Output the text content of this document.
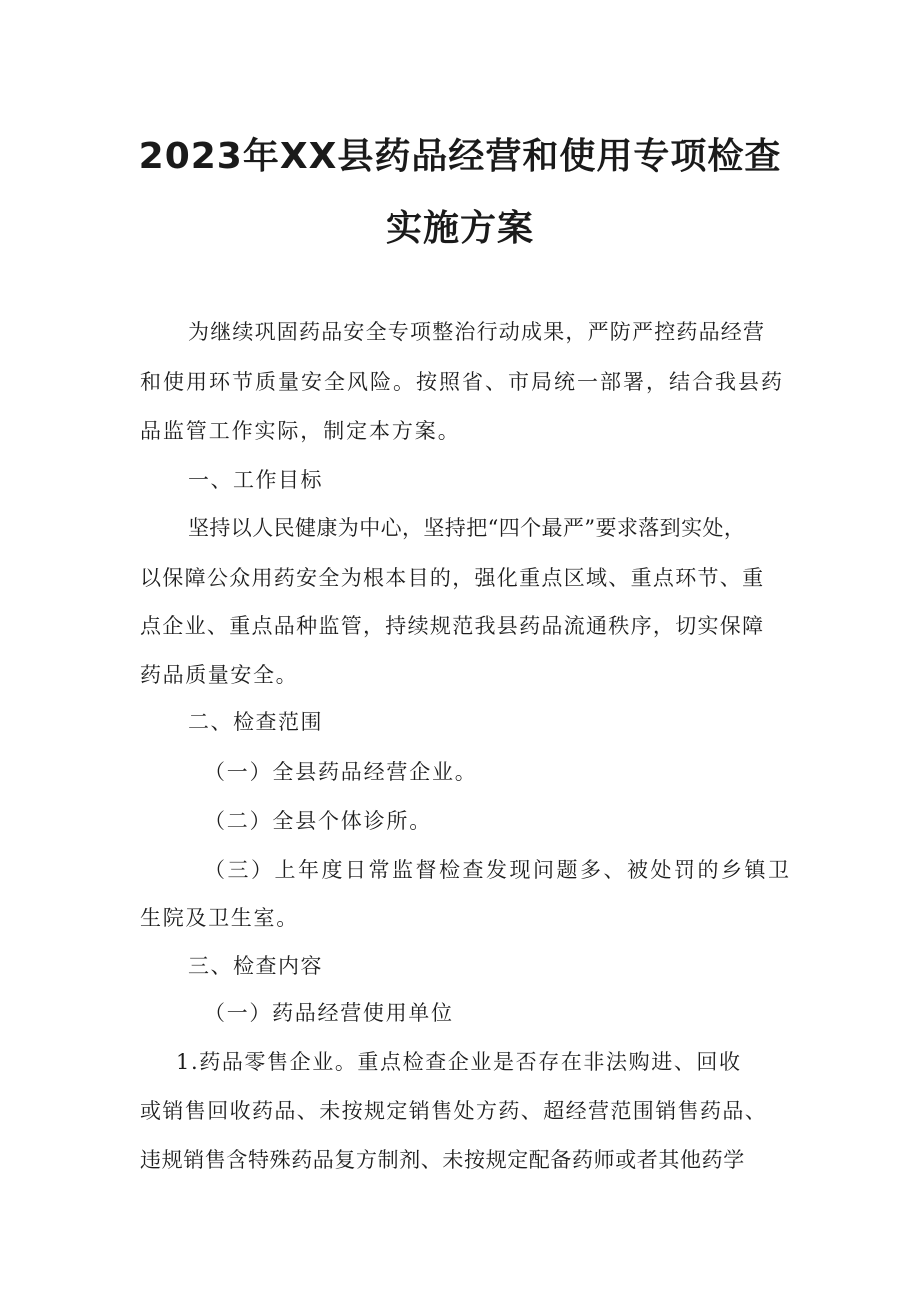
2023年XX县药品经营和使用专项检查
实施方案
为继续巩固药品安全专项整治行动成果，严防严控药品经营
和使用环节质量安全风险。按照省、市局统一部署，结合我县药
品监管工作实际，制定本方案。
一、工作目标
坚持以人民健康为中心，坚持把“四个最严”要求落到实处，
以保障公众用药安全为根本目的，强化重点区域、重点环节、重
点企业、重点品种监管，持续规范我县药品流通秩序，切实保障
药品质量安全。
二、检查范围
（一）全县药品经营企业。
（二）全县个体诊所。
（三）上年度日常监督检查发现问题多、被处罚的乡镇卫
生院及卫生室。
三、检查内容
（一）药品经营使用单位
1.药品零售企业。重点检查企业是否存在非法购进、回收
或销售回收药品、未按规定销售处方药、超经营范围销售药品、
违规销售含特殊药品复方制剂、未按规定配备药师或者其他药学
